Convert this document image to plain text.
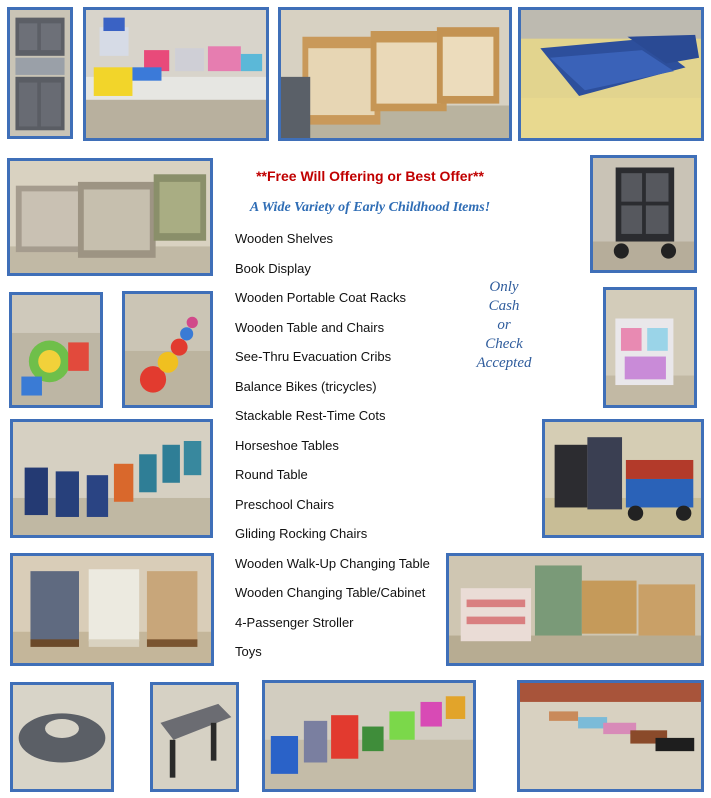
**Free Will Offering or Best Offer**
A Wide Variety of Early Childhood Items!
Wooden Shelves
Book Display
Wooden Portable Coat Racks
Wooden Table and Chairs
See-Thru Evacuation Cribs
Balance Bikes (tricycles)
Stackable Rest-Time Cots
Horseshoe Tables
Round Table
Preschool Chairs
Gliding Rocking Chairs
Wooden Walk-Up Changing Table
Wooden Changing Table/Cabinet
4-Passenger Stroller
Toys
Only
Cash
or
Check
Accepted
